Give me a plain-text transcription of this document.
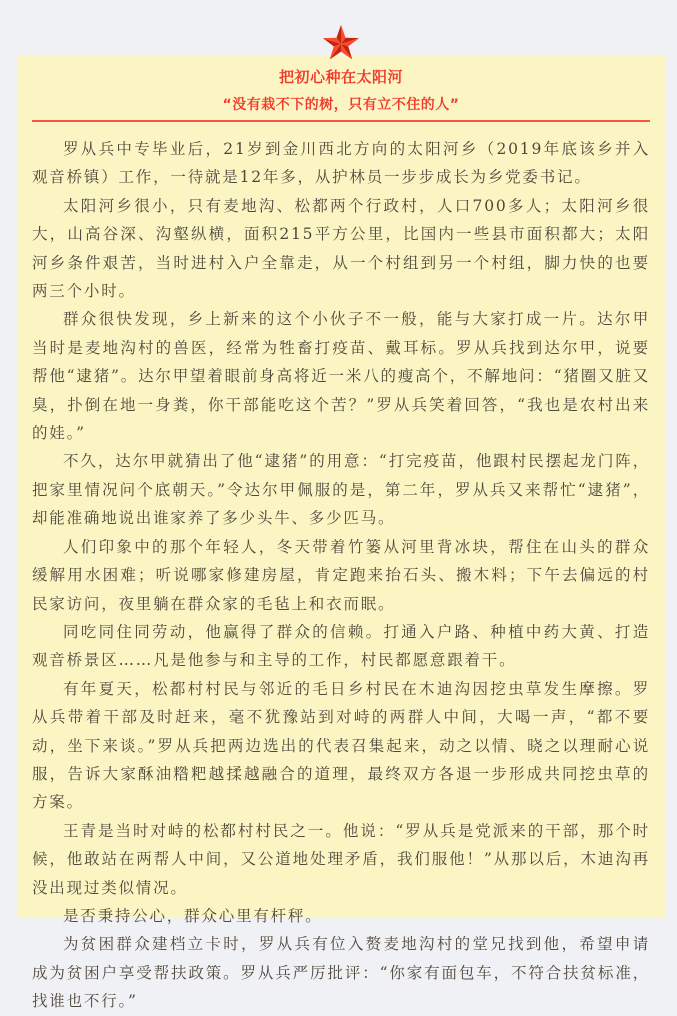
把初心种在太阳河
“没有栽不下的树，只有立不住的人”

罗从兵中专毕业后，21岁到金川西北方向的太阳河乡（2019年底该乡并入观音桥镇）工作，一待就是12年多，从护林员一步步成长为乡党委书记。

太阳河乡很小，只有麦地沟、松都两个行政村，人口700多人；太阳河乡很大，山高谷深、沟壑纵横，面积215平方公里，比国内一些县市面积都大；太阳河乡条件艰苦，当时进村入户全靠走，从一个村组到另一个村组，脚力快的也要两三个小时。

群众很快发现，乡上新来的这个小伙子不一般，能与大家打成一片。达尔甲当时是麦地沟村的兽医，经常为牲畜打疫苗、戴耳标。罗从兵找到达尔甲，说要帮他“逮猪”。达尔甲望着眼前身高将近一米八的瘦高个，不解地问：“猪圈又脏又臭，扑倒在地一身粪，你干部能吃这个苦？”罗从兵笑着回答，“我也是农村出来的娃。”

不久，达尔甲就猜出了他“逮猪”的用意：“打完疫苗，他跟村民摆起龙门阵，把家里情况问个底朝天。”令达尔甲佩服的是，第二年，罗从兵又来帮忙“逮猪”，却能准确地说出谁家养了多少头牛、多少匹马。

人们印象中的那个年轻人，冬天带着竹篓从河里背冰块，帮住在山头的群众缓解用水困难；听说哪家修建房屋，肯定跑来抬石头、搬木料；下午去偏远的村民家访问，夜里躺在群众家的毛毡上和衣而眠。

同吃同住同劳动，他赢得了群众的信赖。打通入户路、种植中药大黄、打造观音桥景区……凡是他参与和主导的工作，村民都愿意跟着干。

有年夏天，松都村村民与邻近的毛日乡村民在木迪沟因挖虫草发生摩擦。罗从兵带着干部及时赶来，毫不犹豫站到对峙的两群人中间，大喝一声，“都不要动，坐下来谈。”罗从兵把两边选出的代表召集起来，动之以情、晓之以理耐心说服，告诉大家酥油糌粑越揉越融合的道理，最终双方各退一步形成共同挖虫草的方案。

王青是当时对峙的松都村村民之一。他说：“罗从兵是党派来的干部，那个时候，他敢站在两帮人中间，又公道地处理矛盾，我们服他！”从那以后，木迪沟再没出现过类似情况。

是否秉持公心，群众心里有杆秤。

为贫困群众建档立卡时，罗从兵有位入赘麦地沟村的堂兄找到他，希望申请成为贫困户享受帮扶政策。罗从兵严厉批评：“你家有面包车，不符合扶贫标准，找谁也不行。”
